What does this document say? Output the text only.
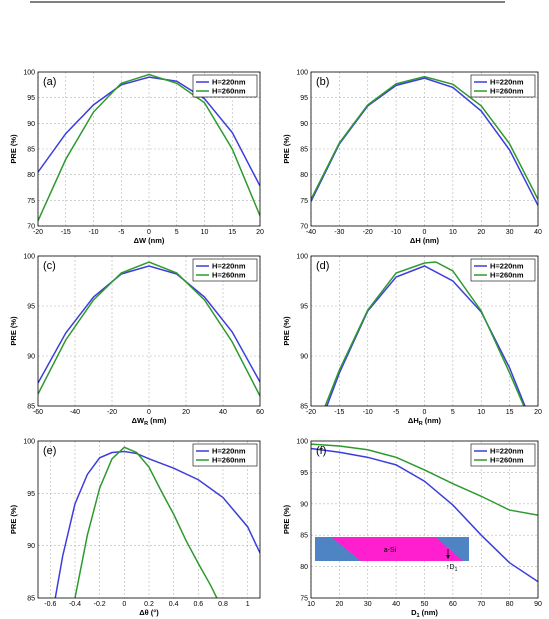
-20	-15	-10	-5	0	5	10	15	20
70
75
80
85
90
95
100
(a)	H=220nm
H=260nm
PRE (%)
ΔW (nm)
-40	-30	-20	-10	0	10	20	30	40
70
75
80
85
90
95
100
(b)	H=220nm
H=260nm
PRE (%)
ΔH (nm)
-60	-40	-20	0	20	40	60
85
90
95
100
(c)	H=220nm
H=260nm
PRE (%)
$\Delta W_R$ (nm)
-20	-15	-10	-5	0	5	10	15	20
85
90
95
100
(d)	H=220nm
H=260nm
PRE (%)
$\Delta H_R$ (nm)
-0.6 -0.4 -0.2 0	0.2 0.4 0.6 0.8	1
85
90
95
100
(e)	H=220nm
H=260nm
PRE (%)
Δθ (°)
10	20	30	40	50	60	70	80	90
75
80
85
90
95
100
a-Si
$↑D_1$
(f)	H=220nm
H=260nm
PRE (%)
$D_1$ (nm)
